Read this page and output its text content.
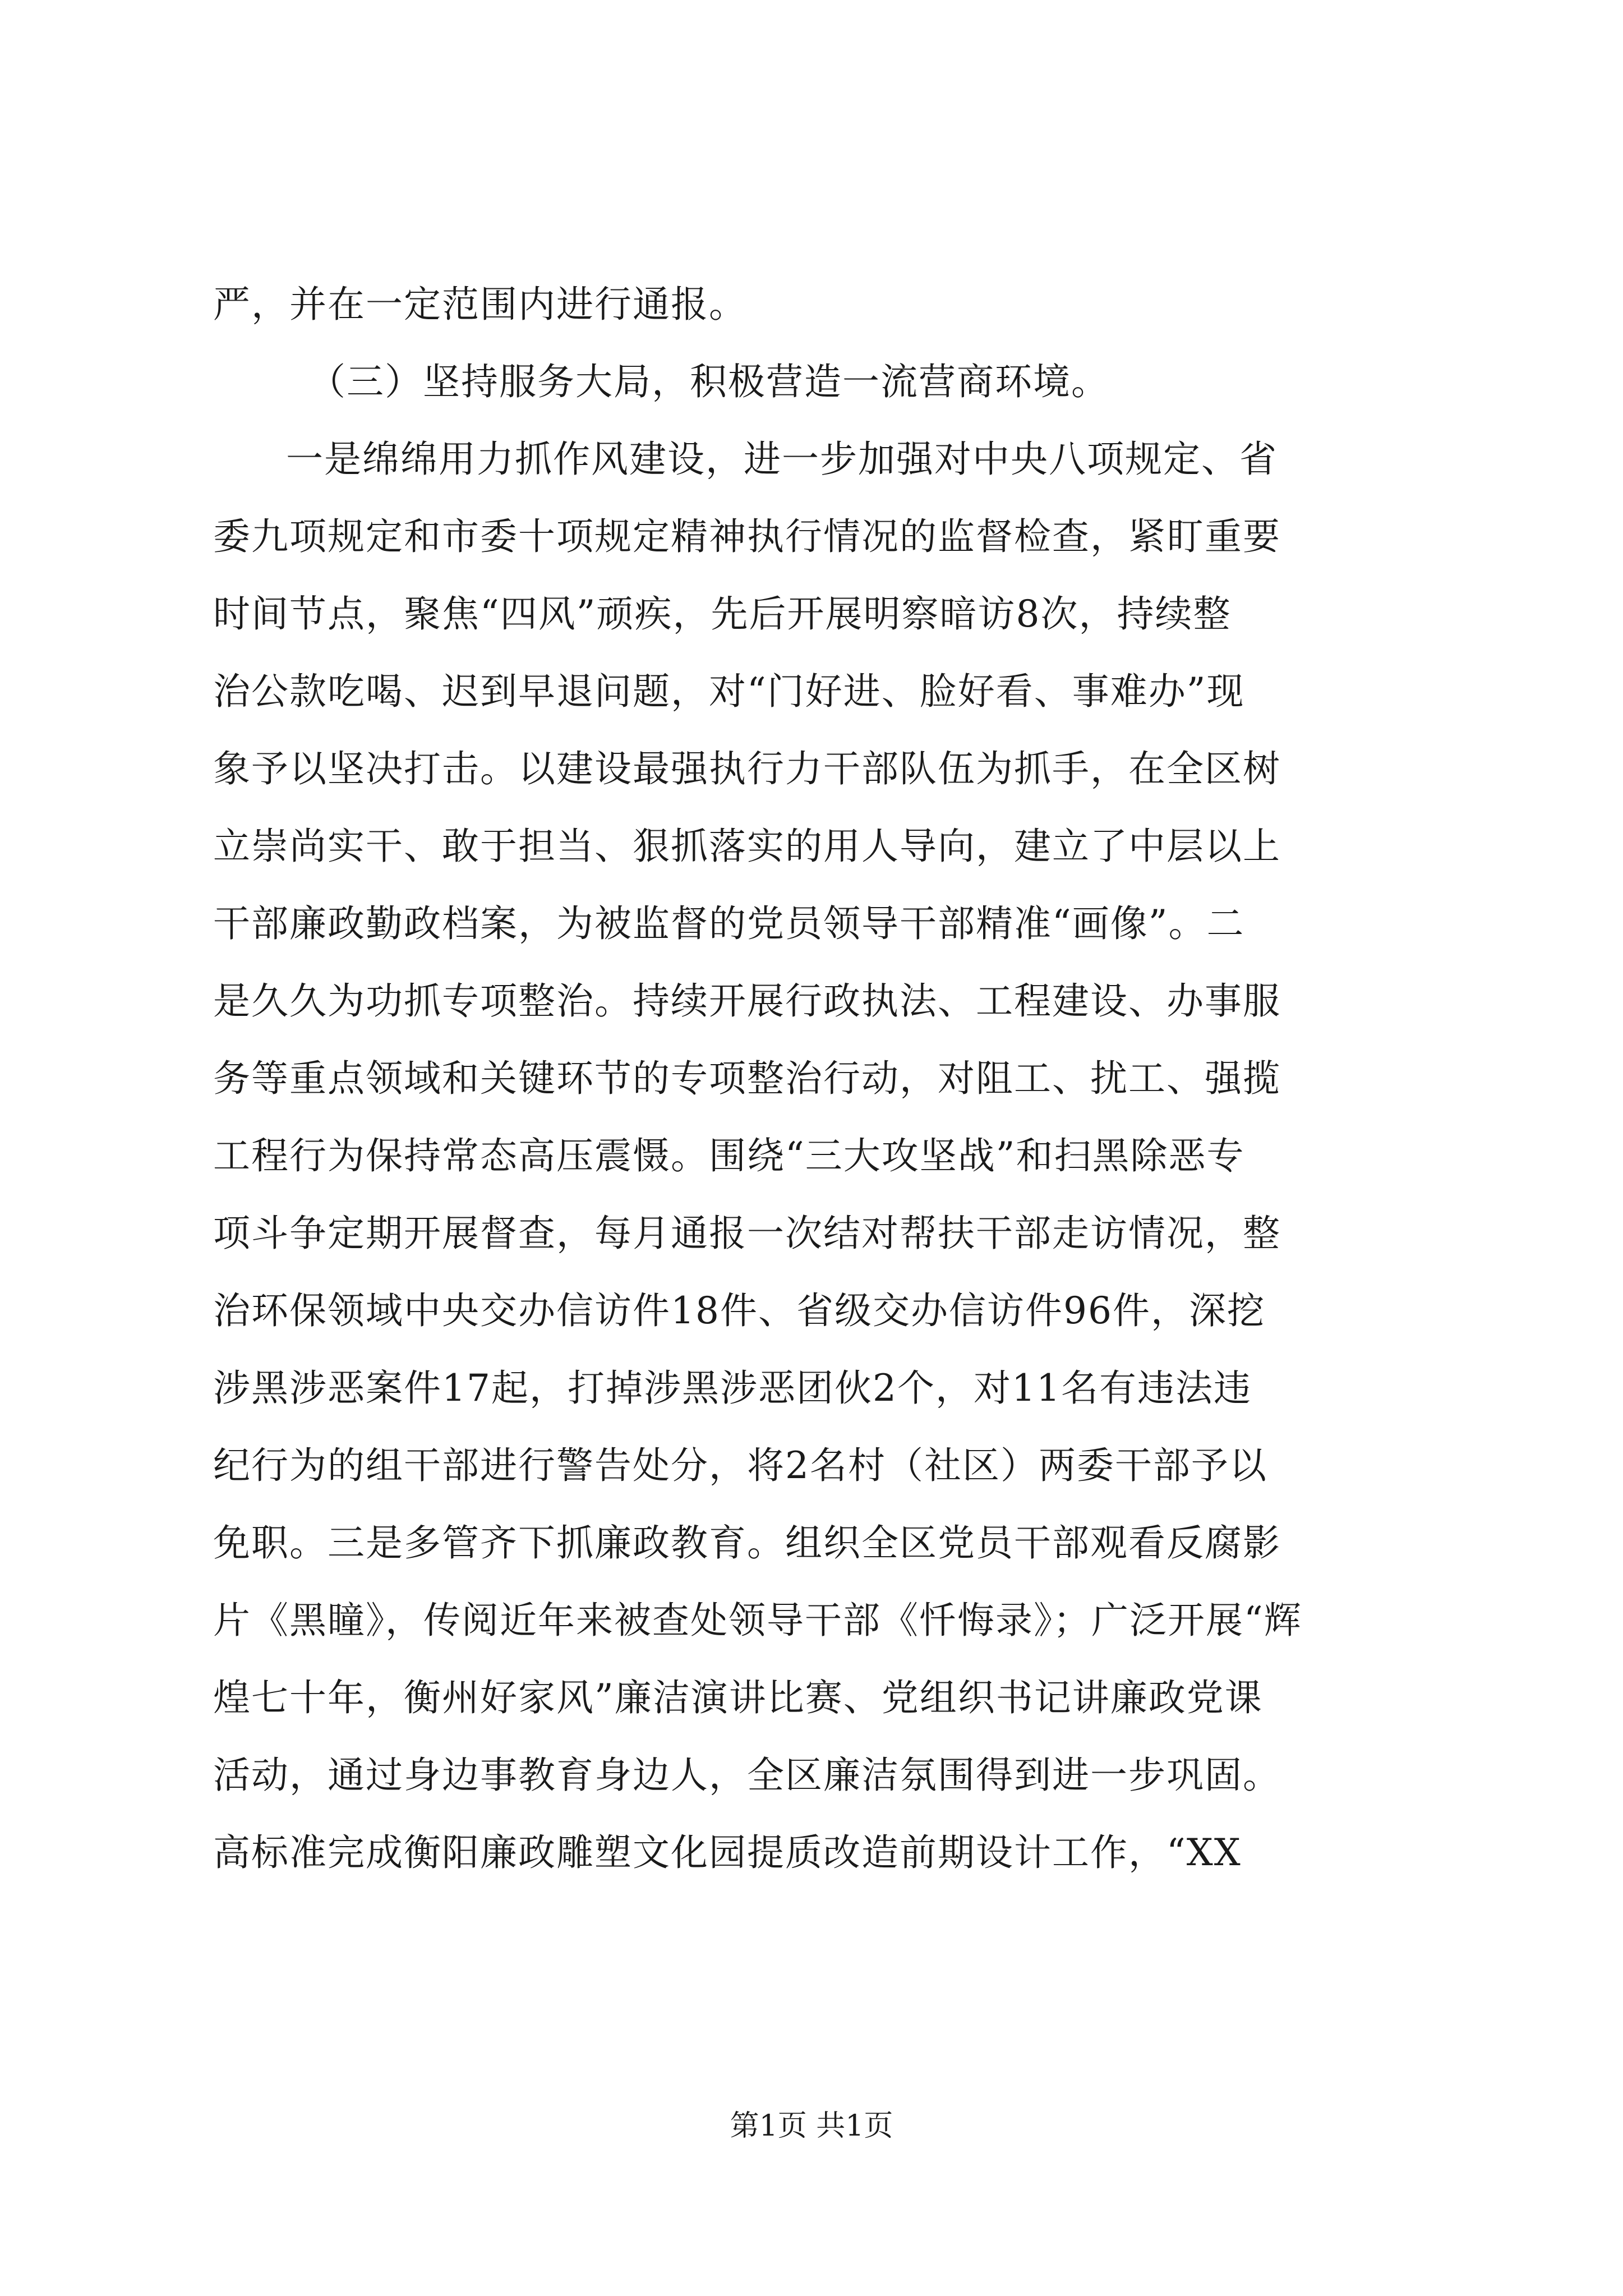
严，并在一定范围内进行通报。
（三）坚持服务大局，积极营造一流营商环境。
一是绵绵用力抓作风建设，进一步加强对中央八项规定、省
委九项规定和市委十项规定精神执行情况的监督检查，紧盯重要
时间节点，聚焦“四风”顽疾，先后开展明察暗访8次，持续整
治公款吃喝、迟到早退问题，对“门好进、脸好看、事难办”现
象予以坚决打击。以建设最强执行力干部队伍为抓手，在全区树
立崇尚实干、敢于担当、狠抓落实的用人导向，建立了中层以上
干部廉政勤政档案，为被监督的党员领导干部精准“画像”。二
是久久为功抓专项整治。持续开展行政执法、工程建设、办事服
务等重点领域和关键环节的专项整治行动，对阻工、扰工、强揽
工程行为保持常态高压震慑。围绕“三大攻坚战”和扫黑除恶专
项斗争定期开展督查，每月通报一次结对帮扶干部走访情况，整
治环保领域中央交办信访件18件、省级交办信访件96件，深挖
涉黑涉恶案件17起，打掉涉黑涉恶团伙2个，对11名有违法违
纪行为的组干部进行警告处分，将2名村（社区）两委干部予以
免职。三是多管齐下抓廉政教育。组织全区党员干部观看反腐影
片《黑瞳》，传阅近年来被查处领导干部《忏悔录》；广泛开展“辉
煌七十年，衡州好家风”廉洁演讲比赛、党组织书记讲廉政党课
活动，通过身边事教育身边人，全区廉洁氛围得到进一步巩固。
高标准完成衡阳廉政雕塑文化园提质改造前期设计工作，“XX
第1页 共1页
